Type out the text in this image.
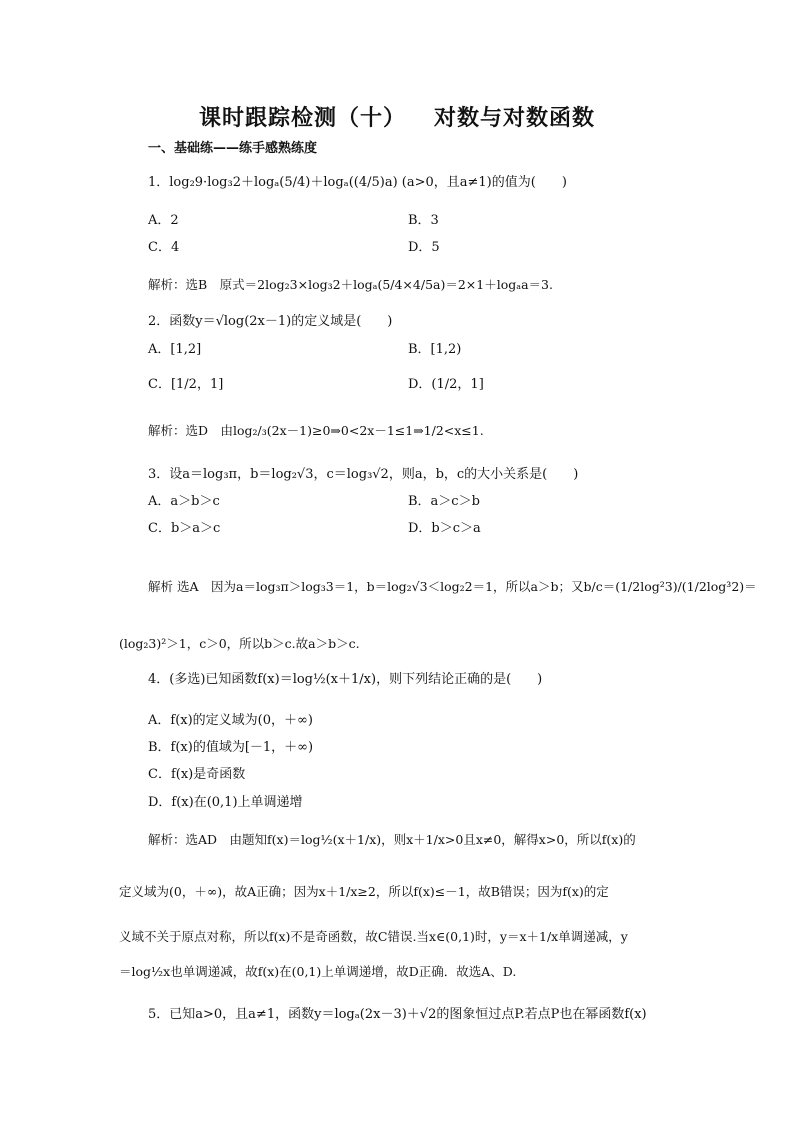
课时跟踪检测（十） 对数与对数函数
一、基础练——练手感熟练度
1．log₂9·log₃2＋logₐ(5/4)＋logₐ((4/5)a) (a>0，且a≠1)的值为(　　)
A．2	B．3
C．4	D．5
解析：选B　原式＝2log₂3×log₃2＋logₐ(5/4×4/5a)＝2×1＋logₐa＝3.
2．函数y＝√log(2x－1)的定义域是(　　)
A．[1,2]	B．[1,2)
C．[1/2，1]	D．(1/2，1]
解析：选D　由log₂/₃(2x－1)≥0⇒0<2x－1≤1⇒1/2<x≤1.
3．设a＝log₃π，b＝log₂√3，c＝log₃√2，则a，b，c的大小关系是(　　)
A．a＞b＞c	B．a＞c＞b
C．b＞a＞c	D．b＞c＞a
解析 选A　因为a＝log₃π＞log₃3＝1，b＝log₂√3＜log₂2＝1，所以a＞b；又b/c＝(1/2log²3)/(1/2log³2)＝
(log₂3)²＞1，c＞0，所以b＞c.故a＞b＞c.
4．(多选)已知函数f(x)＝log½(x＋1/x)，则下列结论正确的是(　　)
A．f(x)的定义域为(0，＋∞)
B．f(x)的值域为[－1，＋∞)
C．f(x)是奇函数
D．f(x)在(0,1)上单调递增
解析：选AD　由题知f(x)＝log½(x＋1/x)，则x＋1/x>0且x≠0，解得x>0，所以f(x)的
定义域为(0，＋∞)，故A正确；因为x＋1/x≥2，所以f(x)≤－1，故B错误；因为f(x)的定
义域不关于原点对称，所以f(x)不是奇函数，故C错误.当x∈(0,1)时，y＝x＋1/x单调递减，y
＝log½x也单调递减，故f(x)在(0,1)上单调递增，故D正确．故选A、D.
5．已知a>0，且a≠1，函数y＝logₐ(2x－3)＋√2的图象恒过点P.若点P也在幂函数f(x)
